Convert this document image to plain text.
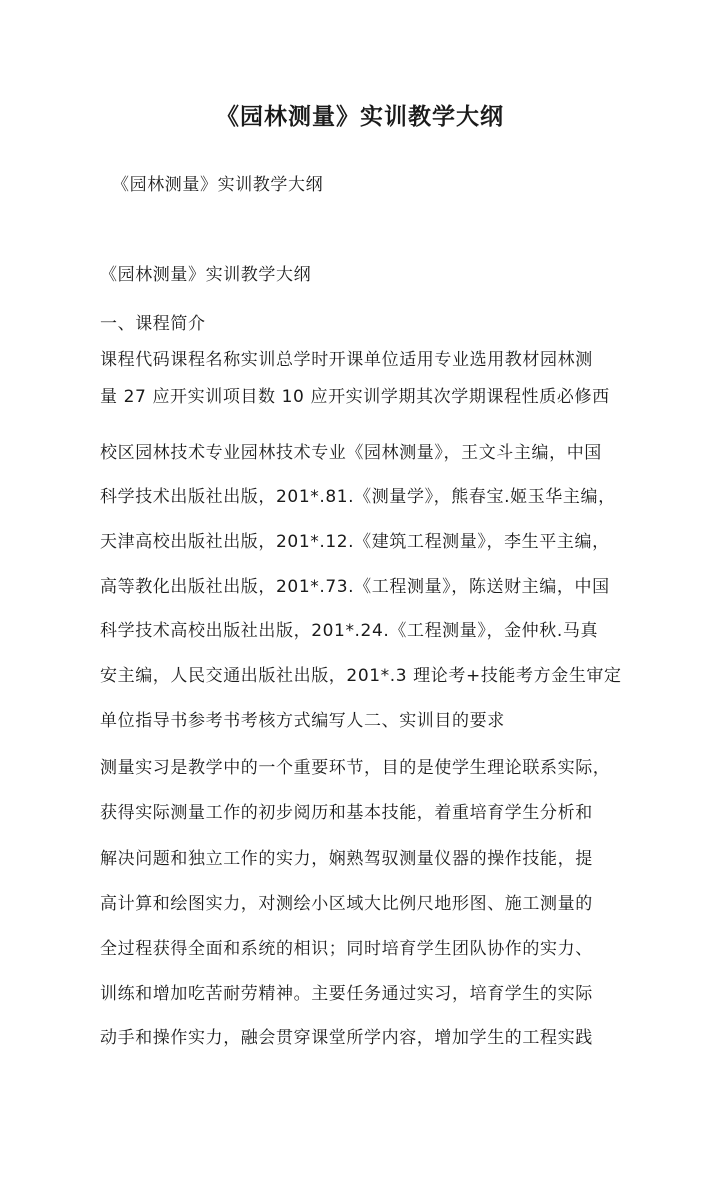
《园林测量》实训教学大纲
《园林测量》实训教学大纲
《园林测量》实训教学大纲
一、课程简介
课程代码课程名称实训总学时开课单位适用专业选用教材园林测
量 27 应开实训项目数 10 应开实训学期其次学期课程性质必修西
校区园林技术专业园林技术专业《园林测量》，王文斗主编，中国
科学技术出版社出版，201*.81.《测量学》，熊春宝.姬玉华主编，
天津高校出版社出版，201*.12.《建筑工程测量》，李生平主编，
高等教化出版社出版，201*.73.《工程测量》，陈送财主编，中国
科学技术高校出版社出版，201*.24.《工程测量》，金仲秋.马真
安主编，人民交通出版社出版，201*.3 理论考+技能考方金生审定
单位指导书参考书考核方式编写人二、实训目的要求
测量实习是教学中的一个重要环节，目的是使学生理论联系实际，
获得实际测量工作的初步阅历和基本技能，着重培育学生分析和
解决问题和独立工作的实力，娴熟驾驭测量仪器的操作技能，提
高计算和绘图实力，对测绘小区域大比例尺地形图、施工测量的
全过程获得全面和系统的相识；同时培育学生团队协作的实力、
训练和增加吃苦耐劳精神。主要任务通过实习，培育学生的实际
动手和操作实力，融会贯穿课堂所学内容，增加学生的工程实践
